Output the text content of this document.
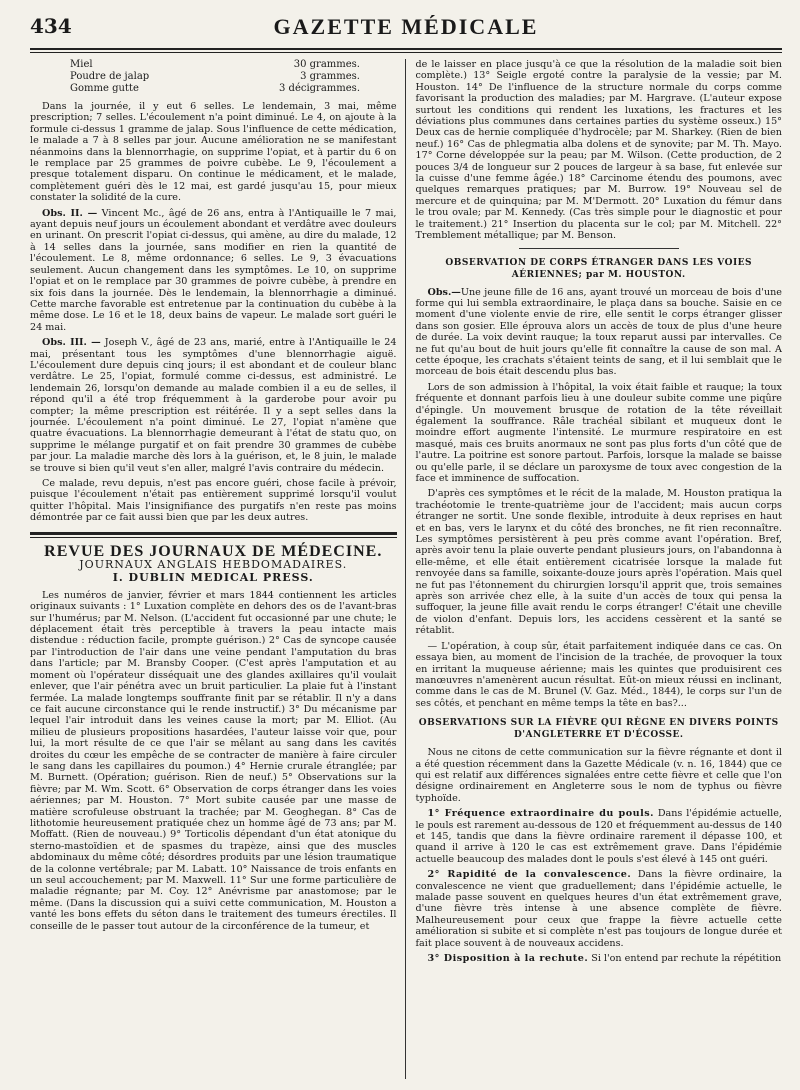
434	GAZETTE MÉDICALE
Miel	30 grammes.
Poudre de jalap	3 grammes.
Gomme gutte	3 décigrammes.

Dans la journée, il y eut 6 selles. Le lendemain, 3 mai, même prescription; 7 selles. L'écoulement n'a point diminué. Le 4, on ajoute à la formule ci-dessus 1 gramme de jalap. Sous l'influence de cette médication, le malade a 7 à 8 selles par jour. Aucune amélioration ne se manifestant néanmoins dans la blennorrhagie, on supprime l'opiat, et à partir du 6 on le remplace par 25 grammes de poivre cubèbe. Le 9, l'écoulement a presque totalement disparu. On continue le médicament, et le malade, complètement guéri dès le 12 mai, est gardé jusqu'au 15, pour mieux constater la solidité de la cure.

Obs. II. — Vincent Mc., âgé de 26 ans, entra à l'Antiquaille le 7 mai, ayant depuis neuf jours un écoulement abondant et verdâtre avec douleurs en urinant. On prescrit l'opiat ci-dessus, qui amène, au dire du malade, 12 à 14 selles dans la journée, sans modifier en rien la quantité de l'écoulement. Le 8, même ordonnance; 6 selles. Le 9, 3 évacuations seulement. Aucun changement dans les symptômes. Le 10, on supprime l'opiat et on le remplace par 30 grammes de poivre cubèbe, à prendre en six fois dans la journée. Dès le lendemain, la blennorrhagie a diminué. Cette marche favorable est entretenue par la continuation du cubèbe à la même dose. Le 16 et le 18, deux bains de vapeur. Le malade sort guéri le 24 mai.

Obs. III. — Joseph V., âgé de 23 ans, marié, entre à l'Antiquaille le 24 mai, présentant tous les symptômes d'une blennorrhagie aiguë. L'écoulement dure depuis cinq jours; il est abondant et de couleur blanc verdâtre. Le 25, l'opiat, formulé comme ci-dessus, est administré. Le lendemain 26, lorsqu'on demande au malade combien il a eu de selles, il répond qu'il a été trop fréquemment à la garderobe pour avoir pu compter; la même prescription est réitérée. Il y a sept selles dans la journée. L'écoulement n'a point diminué. Le 27, l'opiat n'amène que quatre évacuations. La blennorrhagie demeurant à l'état de statu quo, on supprime le mélange purgatif et on fait prendre 30 grammes de cubèbe par jour. La maladie marche dès lors à la guérison, et, le 8 juin, le malade se trouve si bien qu'il veut s'en aller, malgré l'avis contraire du médecin.

Ce malade, revu depuis, n'est pas encore guéri, chose facile à prévoir, puisque l'écoulement n'était pas entièrement supprimé lorsqu'il voulut quitter l'hôpital. Mais l'insignifiance des purgatifs n'en reste pas moins démontrée par ce fait aussi bien que par les deux autres.

REVUE DES JOURNAUX DE MÉDECINE.
JOURNAUX ANGLAIS HEBDOMADAIRES.
I. DUBLIN MEDICAL PRESS.

Les numéros de janvier, février et mars 1844 contiennent les articles originaux suivants : 1° Luxation complète en dehors des os de l'avant-bras sur l'humérus; par M. Nelson. (L'accident fut occasionné par une chute; le déplacement était très perceptible à travers la peau intacte mais distendue : réduction facile, prompte guérison.) 2° Cas de syncope causée par l'introduction de l'air dans une veine pendant l'amputation du bras dans l'article; par M. Bransby Cooper. (C'est après l'amputation et au moment où l'opérateur disséquait une des glandes axillaires qu'il voulait enlever, que l'air pénétra avec un bruit particulier. La plaie fut à l'instant fermée. La malade longtemps souffrante finit par se rétablir. Il n'y a dans ce fait aucune circonstance qui le rende instructif.) 3° Du mécanisme par lequel l'air introduit dans les veines cause la mort; par M. Elliot. (Au milieu de plusieurs propositions hasardées, l'auteur laisse voir que, pour lui, la mort résulte de ce que l'air se mêlant au sang dans les cavités droites du cœur les empêche de se contracter de manière à faire circuler le sang dans les capillaires du poumon.) 4° Hernie crurale étranglée; par M. Burnett. (Opération; guérison. Rien de neuf.) 5° Observations sur la fièvre; par M. Wm. Scott. 6° Observation de corps étranger dans les voies aériennes; par M. Houston. 7° Mort subite causée par une masse de matière scrofuleuse obstruant la trachée; par M. Geoghegan. 8° Cas de lithotomie heureusement pratiquée chez un homme âgé de 73 ans; par M. Moffatt. (Rien de nouveau.) 9° Torticolis dépendant d'un état atonique du sterno-mastoïdien et de spasmes du trapèze, ainsi que des muscles abdominaux du même côté; désordres produits par une lésion traumatique de la colonne vertébrale; par M. Labatt. 10° Naissance de trois enfants en un seul accouchement; par M. Maxwell. 11° Sur une forme particulière de maladie régnante; par M. Coy. 12° Anévrisme par anastomose; par le même. (Dans la discussion qui a suivi cette communication, M. Houston a vanté les bons effets du séton dans le traitement des tumeurs érectiles. Il conseille de le passer tout autour de la circonférence de la tumeur, et

de le laisser en place jusqu'à ce que la résolution de la maladie soit bien complète.) 13° Seigle ergoté contre la paralysie de la vessie; par M. Houston. 14° De l'influence de la structure normale du corps comme favorisant la production des maladies; par M. Hargrave. (L'auteur expose surtout les conditions qui rendent les luxations, les fractures et les déviations plus communes dans certaines parties du système osseux.) 15° Deux cas de hernie compliquée d'hydrocèle; par M. Sharkey. (Rien de bien neuf.) 16° Cas de phlegmatia alba dolens et de synovite; par M. Th. Mayo. 17° Corne développée sur la peau; par M. Wilson. (Cette production, de 2 pouces 3/4 de longueur sur 2 pouces de largeur à sa base, fut enlevée sur la cuisse d'une femme âgée.) 18° Carcinome étendu des poumons, avec quelques remarques pratiques; par M. Burrow. 19° Nouveau sel de mercure et de quinquina; par M. M'Dermott. 20° Luxation du fémur dans le trou ovale; par M. Kennedy. (Cas très simple pour le diagnostic et pour le traitement.) 21° Insertion du placenta sur le col; par M. Mitchell. 22° Tremblement métallique; par M. Benson.

OBSERVATION DE CORPS ÉTRANGER DANS LES VOIES AÉRIENNES; par M. HOUSTON.

Obs.—Une jeune fille de 16 ans, ayant trouvé un morceau de bois d'une forme qui lui sembla extraordinaire, le plaça dans sa bouche. Saisie en ce moment d'une violente envie de rire, elle sentit le corps étranger glisser dans son gosier. Elle éprouva alors un accès de toux de plus d'une heure de durée. La voix devint rauque; la toux reparut aussi par intervalles. Ce ne fut qu'au bout de huit jours qu'elle fit connaître la cause de son mal. A cette époque, les crachats s'étaient teints de sang, et il lui semblait que le morceau de bois était descendu plus bas.

Lors de son admission à l'hôpital, la voix était faible et rauque; la toux fréquente et donnant parfois lieu à une douleur subite comme une piqûre d'épingle. Un mouvement brusque de rotation de la tête réveillait également la souffrance. Râle trachéal sibilant et muqueux dont le moindre effort augmente l'intensité. Le murmure respiratoire en est masqué, mais ces bruits anormaux ne sont pas plus forts d'un côté que de l'autre. La poitrine est sonore partout. Parfois, lorsque la malade se baisse ou qu'elle parle, il se déclare un paroxysme de toux avec congestion de la face et imminence de suffocation.

D'après ces symptômes et le récit de la malade, M. Houston pratiqua la trachéotomie le trente-quatrième jour de l'accident; mais aucun corps étranger ne sortit. Une sonde flexible, introduite à deux reprises en haut et en bas, vers le larynx et du côté des bronches, ne fit rien reconnaître. Les symptômes persistèrent à peu près comme avant l'opération. Bref, après avoir tenu la plaie ouverte pendant plusieurs jours, on l'abandonna à elle-même, et elle était entièrement cicatrisée lorsque la malade fut renvoyée dans sa famille, soixante-douze jours après l'opération. Mais quel ne fut pas l'étonnement du chirurgien lorsqu'il apprit que, trois semaines après son arrivée chez elle, à la suite d'un accès de toux qui pensa la suffoquer, la jeune fille avait rendu le corps étranger! C'était une cheville de violon d'enfant. Depuis lors, les accidens cessèrent et la santé se rétablit.

— L'opération, à coup sûr, était parfaitement indiquée dans ce cas. On essaya bien, au moment de l'incision de la trachée, de provoquer la toux en irritant la muqueuse aérienne; mais les quintes que produisirent ces manœuvres n'amenèrent aucun résultat. Eût-on mieux réussi en inclinant, comme dans le cas de M. Brunel (V. Gaz. Méd., 1844), le corps sur l'un de ses côtés, et penchant en même temps la tête en bas?...

OBSERVATIONS SUR LA FIÈVRE QUI RÈGNE EN DIVERS POINTS D'ANGLETERRE ET D'ÉCOSSE.

Nous ne citons de cette communication sur la fièvre régnante et dont il a été question récemment dans la Gazette Médicale (v. n. 16, 1844) que ce qui est relatif aux différences signalées entre cette fièvre et celle que l'on désigne ordinairement en Angleterre sous le nom de typhus ou fièvre typhoïde.

1° Fréquence extraordinaire du pouls. Dans l'épidémie actuelle, le pouls est rarement au-dessous de 120 et fréquemment au-dessus de 140 et 145, tandis que dans la fièvre ordinaire rarement il dépasse 100, et quand il arrive à 120 le cas est extrêmement grave. Dans l'épidémie actuelle beaucoup des malades dont le pouls s'est élevé à 145 ont guéri.

2° Rapidité de la convalescence. Dans la fièvre ordinaire, la convalescence ne vient que graduellement; dans l'épidémie actuelle, le malade passe souvent en quelques heures d'un état extrêmement grave, d'une fièvre très intense à une absence complète de fièvre. Malheureusement pour ceux que frappe la fièvre actuelle cette amélioration si subite et si complète n'est pas toujours de longue durée et fait place souvent à de nouveaux accidens.

3° Disposition à la rechute. Si l'on entend par rechute la répétition
